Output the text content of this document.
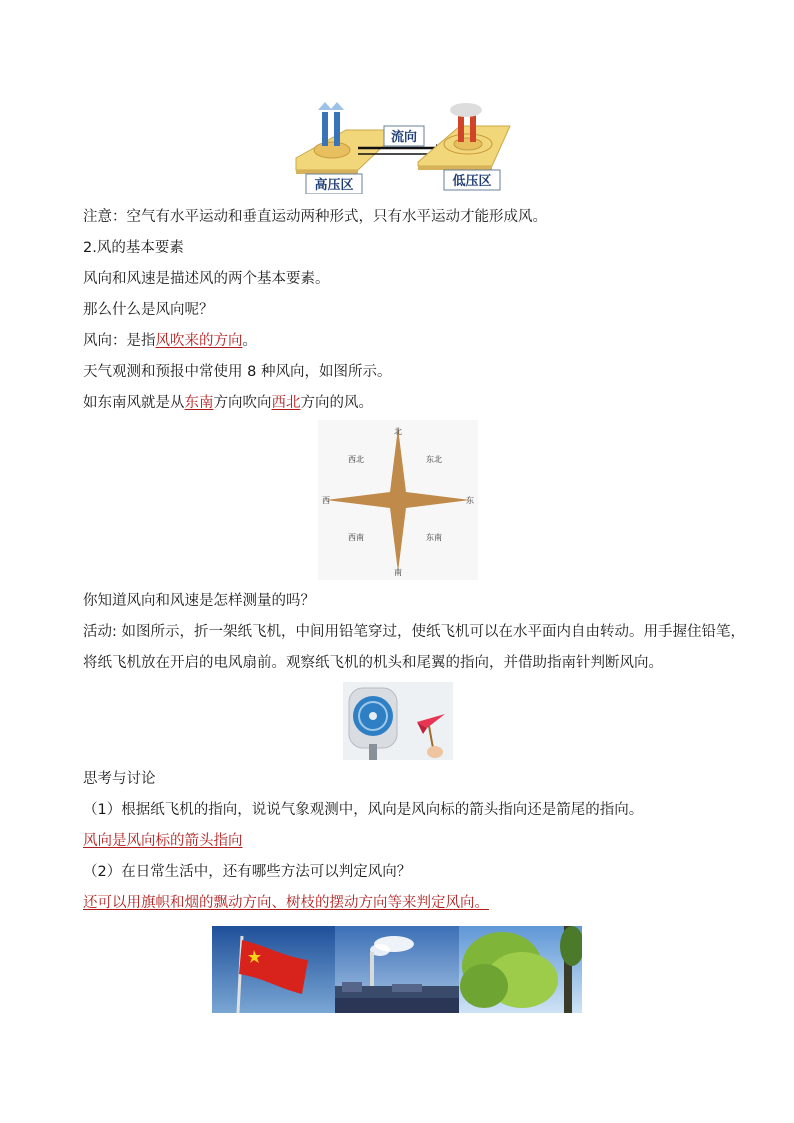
流向
高压区	低压区
注意：空气有水平运动和垂直运动两种形式，只有水平运动才能形成风。
2.风的基本要素
风向和风速是描述风的两个基本要素。
那么什么是风向呢？
风向：是指风吹来的方向。
天气观测和预报中常使用 8 种风向，如图所示。
如东南风就是从东南方向吹向西北方向的风。
北
南
东
西
东北
西北
东南
西南
你知道风向和风速是怎样测量的吗？
活动: 如图所示，折一架纸飞机，中间用铅笔穿过，使纸飞机可以在水平面内自由转动。用手握住铅笔，
将纸飞机放在开启的电风扇前。观察纸飞机的机头和尾翼的指向，并借助指南针判断风向。
思考与讨论
（1）根据纸飞机的指向，说说气象观测中，风向是风向标的箭头指向还是箭尾的指向。
风向是风向标的箭头指向
（2）在日常生活中，还有哪些方法可以判定风向？
还可以用旗帜和烟的飘动方向、树枝的摆动方向等来判定风向。
